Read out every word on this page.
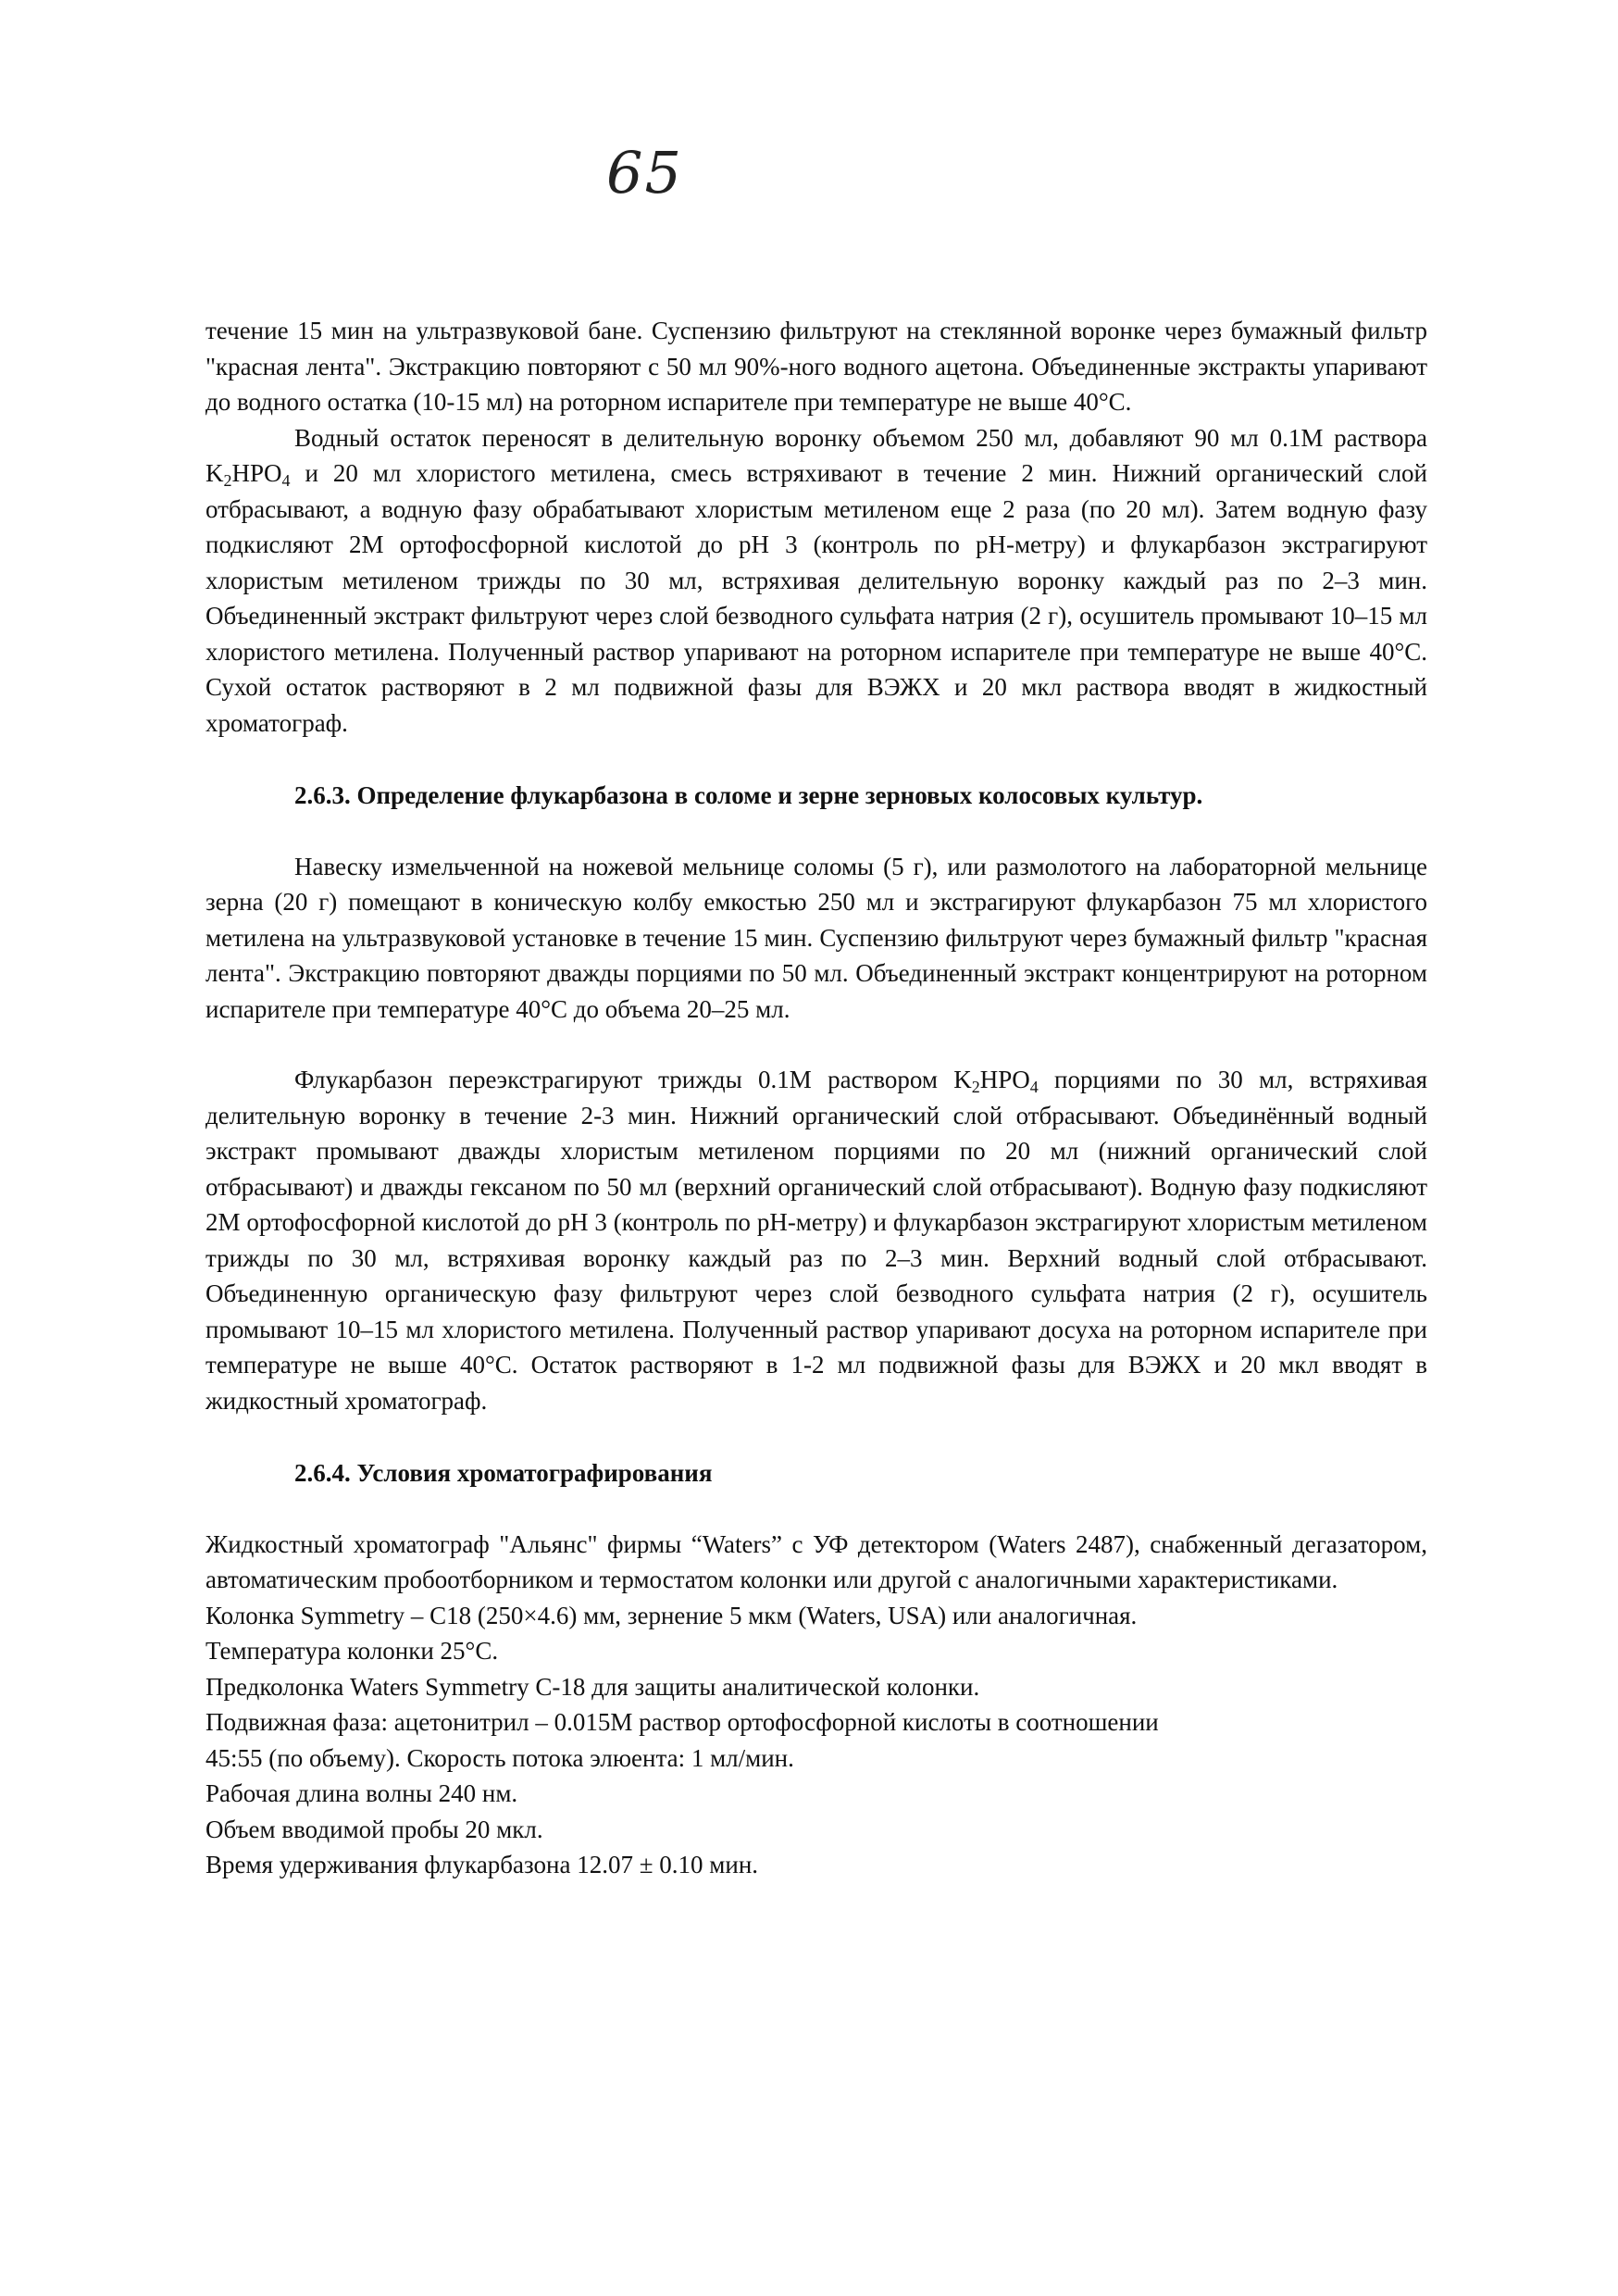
65

течение 15 мин на ультразвуковой бане. Суспензию фильтруют на стеклянной воронке через бумажный фильтр "красная лента". Экстракцию повторяют с 50 мл 90%-ного водного ацетона. Объединенные экстракты упаривают до водного остатка (10-15 мл) на роторном испарителе при температуре не выше 40°С.

Водный остаток переносят в делительную воронку объемом 250 мл, добавляют 90 мл 0.1М раствора $K_2HPO_4$ и 20 мл хлористого метилена, смесь встряхивают в течение 2 мин. Нижний органический слой отбрасывают, а водную фазу обрабатывают хлористым метиленом еще 2 раза (по 20 мл). Затем водную фазу подкисляют 2М ортофосфорной кислотой до pH 3 (контроль по pH-метру) и флукарбазон экстрагируют хлористым метиленом трижды по 30 мл, встряхивая делительную воронку каждый раз по 2–3 мин. Объединенный экстракт фильтруют через слой безводного сульфата натрия (2 г), осушитель промывают 10–15 мл хлористого метилена. Полученный раствор упаривают на роторном испарителе при температуре не выше 40°С. Сухой остаток растворяют в 2 мл подвижной фазы для ВЭЖХ и 20 мкл раствора вводят в жидкостный хроматограф.

2.6.3. Определение флукарбазона в соломе и зерне зерновых колосовых культур.

Навеску измельченной на ножевой мельнице соломы (5 г), или размолотого на лабораторной мельнице зерна (20 г) помещают в коническую колбу емкостью 250 мл и экстрагируют флукарбазон 75 мл хлористого метилена на ультразвуковой установке в течение 15 мин. Суспензию фильтруют через бумажный фильтр "красная лента". Экстракцию повторяют дважды порциями по 50 мл. Объединенный экстракт концентрируют на роторном испарителе при температуре 40°С до объема 20–25 мл.

Флукарбазон переэкстрагируют трижды 0.1М раствором $K_2HPO_4$ порциями по 30 мл, встряхивая делительную воронку в течение 2-3 мин. Нижний органический слой отбрасывают. Объединённый водный экстракт промывают дважды хлористым метиленом порциями по 20 мл (нижний органический слой отбрасывают) и дважды гексаном по 50 мл (верхний органический слой отбрасывают). Водную фазу подкисляют 2М ортофосфорной кислотой до pH 3 (контроль по pH-метру) и флукарбазон экстрагируют хлористым метиленом трижды по 30 мл, встряхивая воронку каждый раз по 2–3 мин. Верхний водный слой отбрасывают. Объединенную органическую фазу фильтруют через слой безводного сульфата натрия (2 г), осушитель промывают 10–15 мл хлористого метилена. Полученный раствор упаривают досуха на роторном испарителе при температуре не выше 40°С. Остаток растворяют в 1-2 мл подвижной фазы для ВЭЖХ и 20 мкл вводят в жидкостный хроматограф.

2.6.4. Условия хроматографирования

Жидкостный хроматограф "Альянс" фирмы “Waters” с УФ детектором (Waters 2487), снабженный дегазатором, автоматическим пробоотборником и термостатом колонки или другой с аналогичными характеристиками.

Колонка Symmetry – C18 (250×4.6) мм, зернение 5 мкм (Waters, USA) или аналогичная.

Температура колонки 25°С.

Предколонка Waters Symmetry C-18 для защиты аналитической колонки.

Подвижная фаза: ацетонитрил – 0.015М раствор ортофосфорной кислоты в соотношении

45:55 (по объему). Скорость потока элюента: 1 мл/мин.

Рабочая длина волны 240 нм.

Объем вводимой пробы 20 мкл.

Время удерживания флукарбазона 12.07 ± 0.10 мин.
